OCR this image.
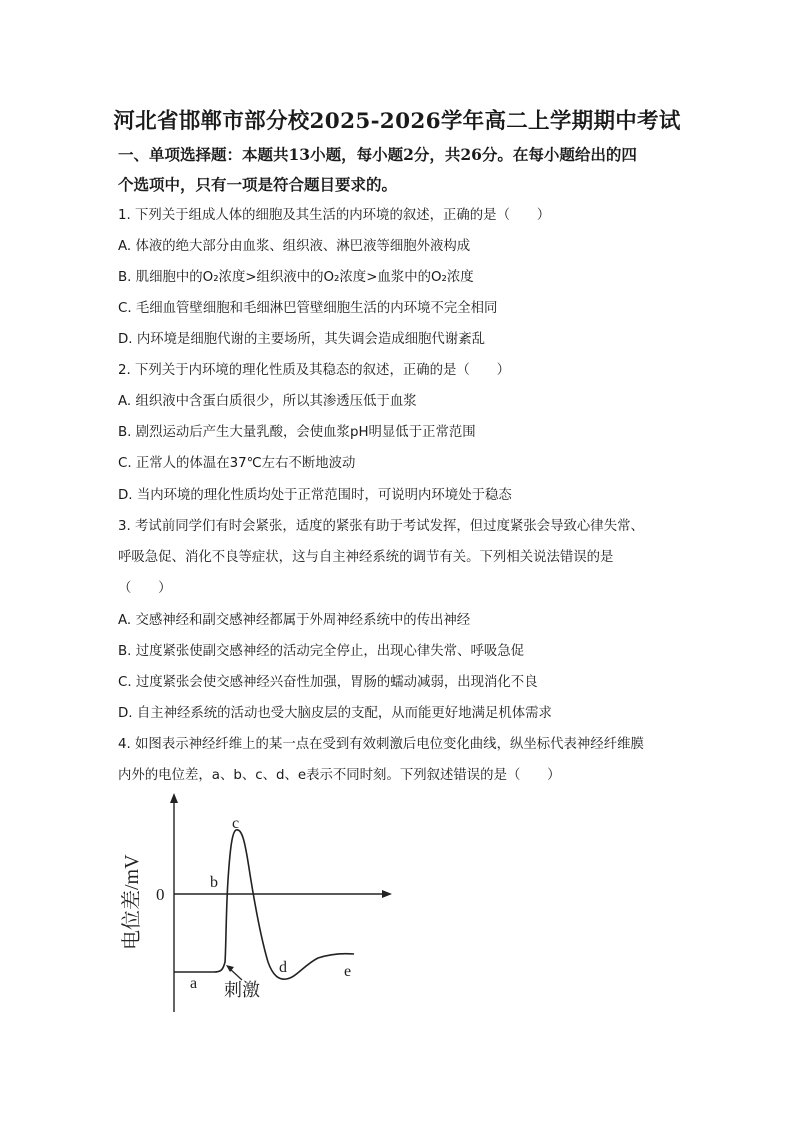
河北省邯郸市部分校2025-2026学年高二上学期期中考试
一、单项选择题：本题共13小题，每小题2分，共26分。在每小题给出的四
个选项中，只有一项是符合题目要求的。
1. 下列关于组成人体的细胞及其生活的内环境的叙述，正确的是（　　）
A. 体液的绝大部分由血浆、组织液、淋巴液等细胞外液构成
B. 肌细胞中的O₂浓度>组织液中的O₂浓度>血浆中的O₂浓度
C. 毛细血管壁细胞和毛细淋巴管壁细胞生活的内环境不完全相同
D. 内环境是细胞代谢的主要场所，其失调会造成细胞代谢紊乱
2. 下列关于内环境的理化性质及其稳态的叙述，正确的是（　　）
A. 组织液中含蛋白质很少，所以其渗透压低于血浆
B. 剧烈运动后产生大量乳酸，会使血浆pH明显低于正常范围
C. 正常人的体温在37℃左右不断地波动
D. 当内环境的理化性质均处于正常范围时，可说明内环境处于稳态
3. 考试前同学们有时会紧张，适度的紧张有助于考试发挥，但过度紧张会导致心律失常、
呼吸急促、消化不良等症状，这与自主神经系统的调节有关。下列相关说法错误的是
（　　）
A. 交感神经和副交感神经都属于外周神经系统中的传出神经
B. 过度紧张使副交感神经的活动完全停止，出现心律失常、呼吸急促
C. 过度紧张会使交感神经兴奋性加强，胃肠的蠕动减弱，出现消化不良
D. 自主神经系统的活动也受大脑皮层的支配，从而能更好地满足机体需求
4. 如图表示神经纤维上的某一点在受到有效刺激后电位变化曲线，纵坐标代表神经纤维膜
内外的电位差，a、b、c、d、e表示不同时刻。下列叙述错误的是（　　）
电位差/mV 0
刺激
a
b
c
d	e
